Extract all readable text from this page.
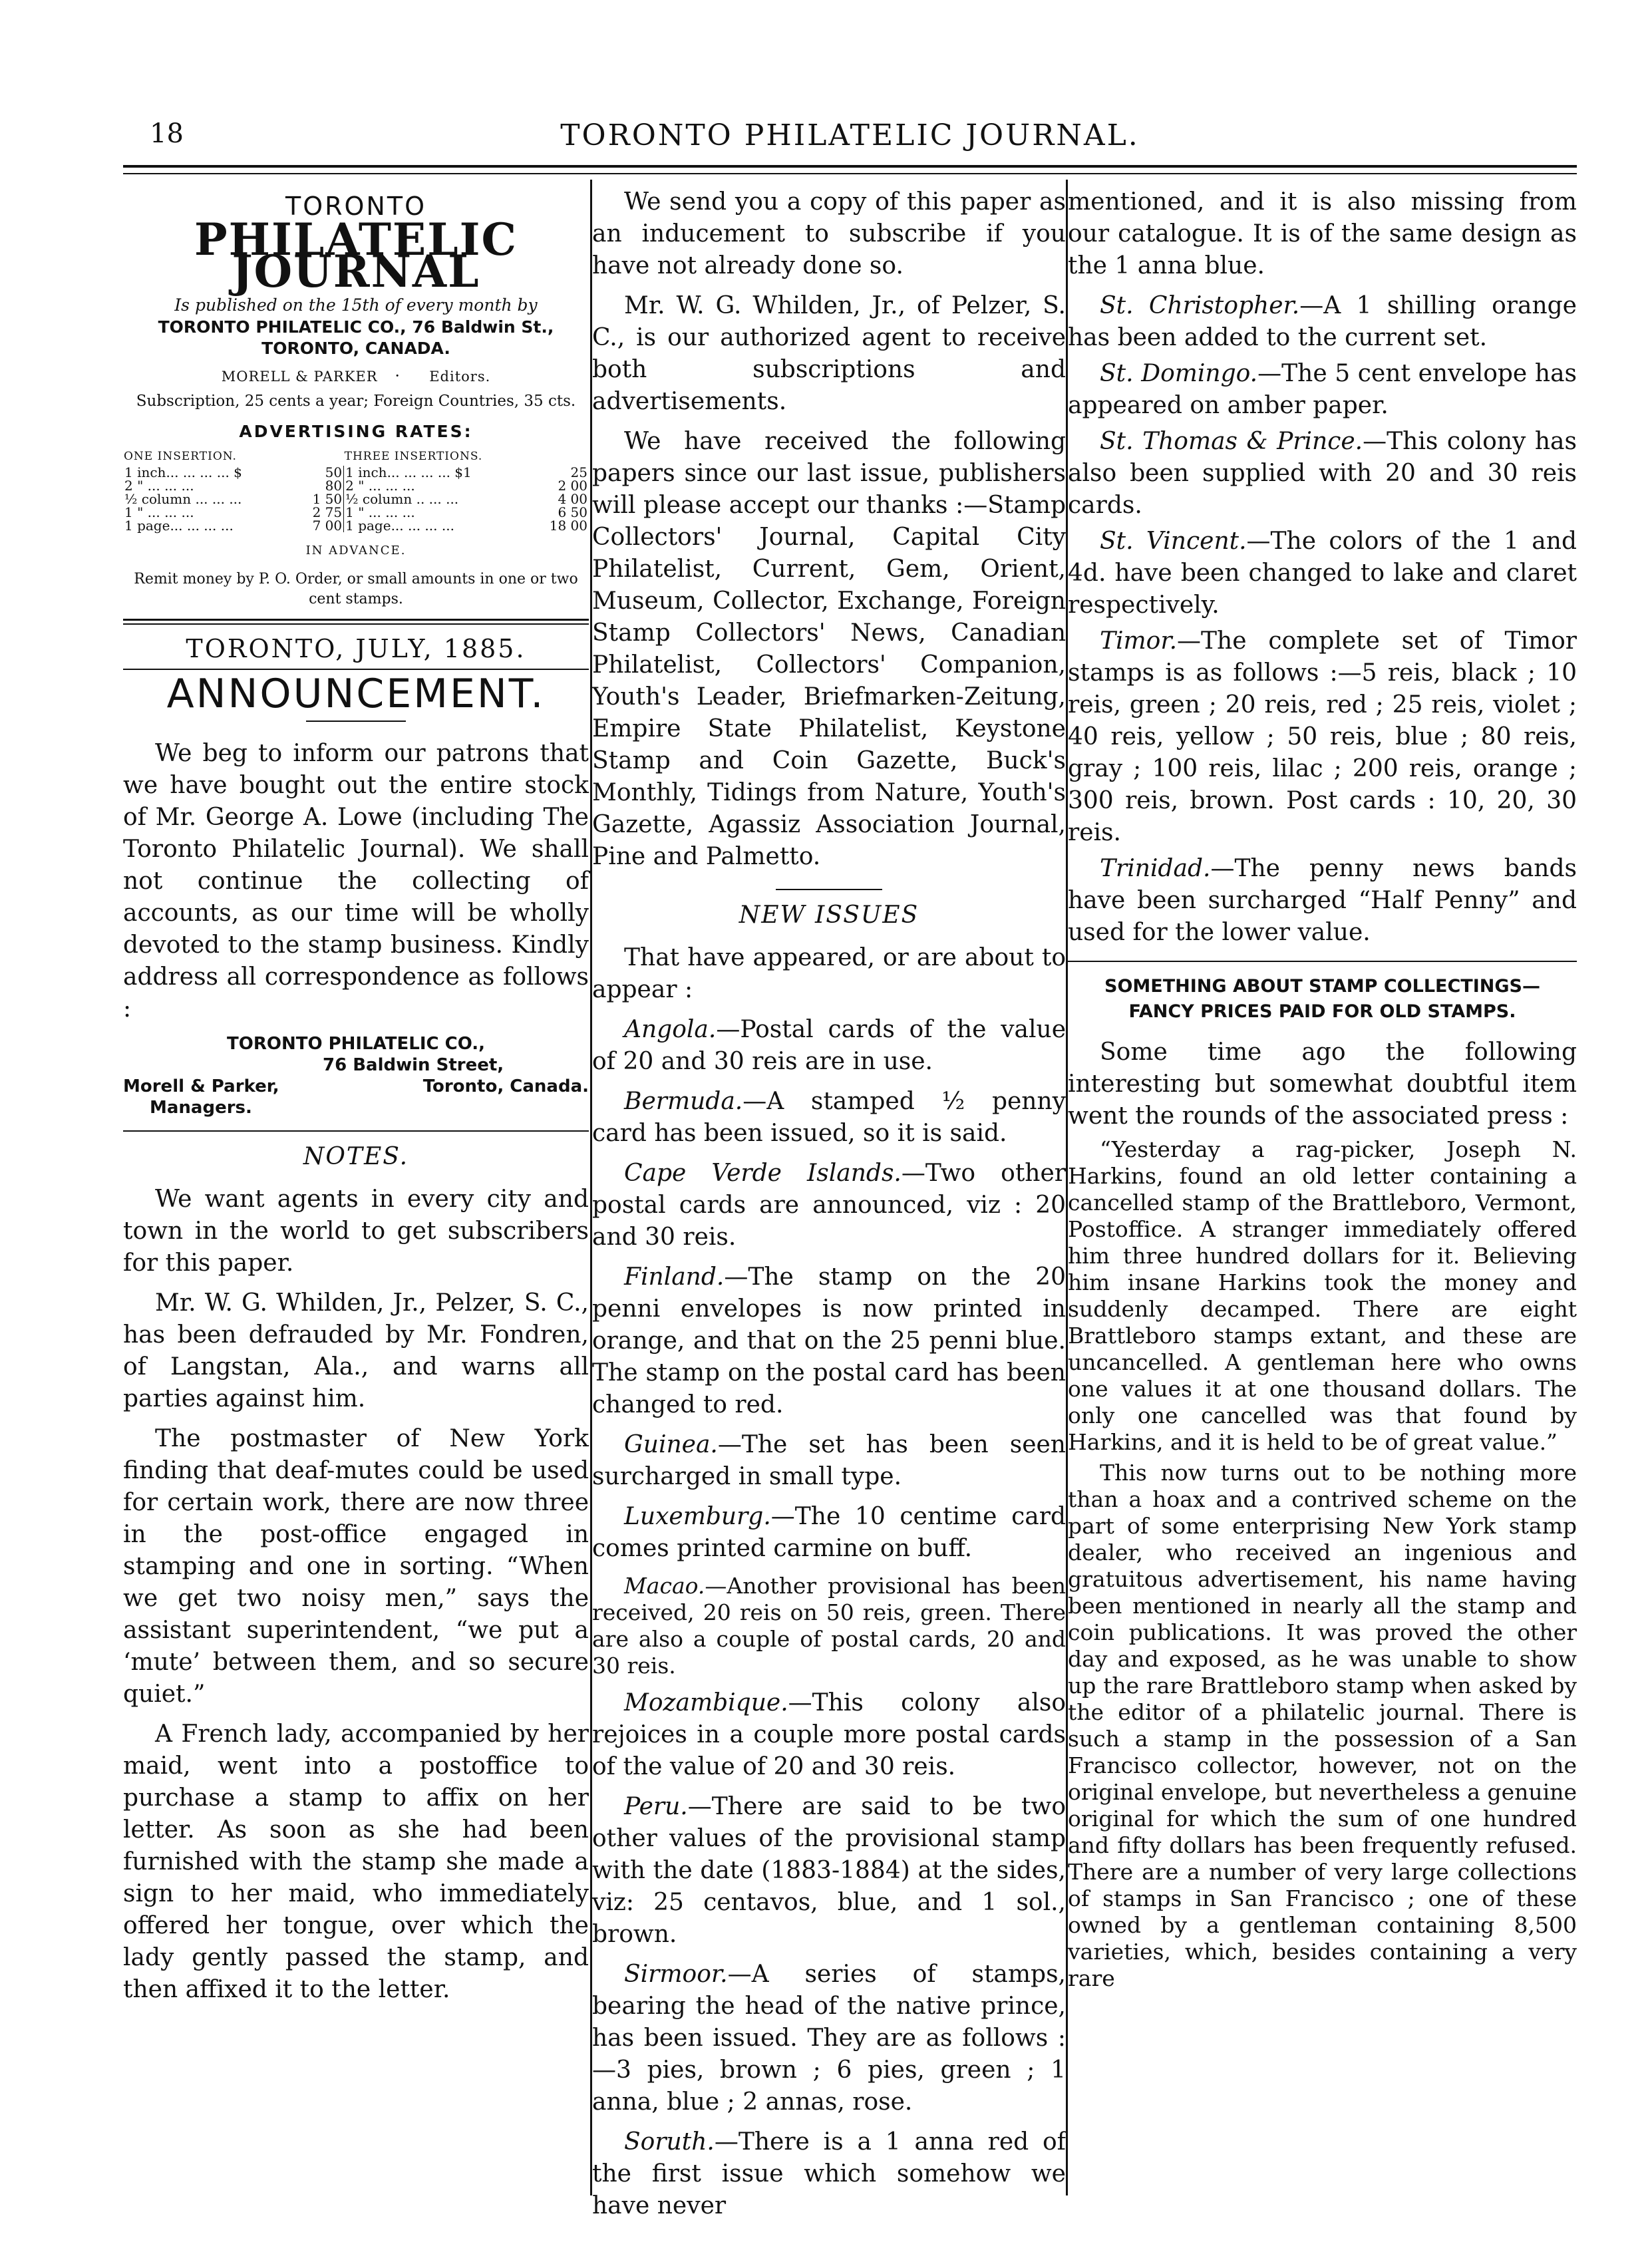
18	TORONTO PHILATELIC JOURNAL.
TORONTO
PHILATELIC JOURNAL
Is published on the 15th of every month by
TORONTO PHILATELIC CO., 76 Baldwin St.,
TORONTO, CANADA.
MORELL & PARKER   ·     Editors.
Subscription, 25 cents a year; Foreign Countries, 35 cts.
ADVERTISING RATES:
ONE INSERTION.		THREE INSERTIONS.	
1 inch... ... ... ... $	50	1 inch... ... ... ... $1	25
2 " ... ... ...	80	2 " ... ... ...	2 00
½ column ... ... ...	1 50	½ column .. ... ...	4 00
1 " ... ... ...	2 75	1 " ... ... ...	6 50
1 page... ... ... ...	7 00	1 page... ... ... ...	18 00
IN ADVANCE.
Remit money by P. O. Order, or small amounts in one or two cent stamps.
TORONTO, JULY, 1885.
ANNOUNCEMENT.

We beg to inform our patrons that we have bought out the entire stock of Mr. George A. Lowe (including The Toronto Philatelic Journal). We shall not continue the collecting of accounts, as our time will be wholly devoted to the stamp business. Kindly address all correspondence as follows :

TORONTO PHILATELIC CO.,
76 Baldwin Street,
Morell & Parker,	Toronto, Canada.
Managers.
NOTES.

We want agents in every city and town in the world to get subscribers for this paper.

Mr. W. G. Whilden, Jr., Pelzer, S. C., has been defrauded by Mr. Fondren, of Langstan, Ala., and warns all parties against him.

The postmaster of New York finding that deaf-mutes could be used for certain work, there are now three in the post-office engaged in stamping and one in sorting. “When we get two noisy men,” says the assistant superintendent, “we put a ‘mute’ between them, and so secure quiet.”

A French lady, accompanied by her maid, went into a postoffice to purchase a stamp to affix on her letter. As soon as she had been furnished with the stamp she made a sign to her maid, who immediately offered her tongue, over which the lady gently passed the stamp, and then affixed it to the letter.

We send you a copy of this paper as an inducement to subscribe if you have not already done so.

Mr. W. G. Whilden, Jr., of Pelzer, S. C., is our authorized agent to receive both subscriptions and advertisements.

We have received the following papers since our last issue, publishers will please accept our thanks :—Stamp Collectors' Journal, Capital City Philatelist, Current, Gem, Orient, Museum, Collector, Exchange, Foreign Stamp Collectors' News, Canadian Philatelist, Collectors' Companion, Youth's Leader, Briefmarken-Zeitung, Empire State Philatelist, Keystone Stamp and Coin Gazette, Buck's Monthly, Tidings from Nature, Youth's Gazette, Agassiz Association Journal, Pine and Palmetto.

NEW ISSUES

That have appeared, or are about to appear :

Angola.—Postal cards of the value of 20 and 30 reis are in use.

Bermuda.—A stamped ½ penny card has been issued, so it is said.

Cape Verde Islands.—Two other postal cards are announced, viz : 20 and 30 reis.

Finland.—The stamp on the 20 penni envelopes is now printed in orange, and that on the 25 penni blue. The stamp on the postal card has been changed to red.

Guinea.—The set has been seen surcharged in small type.

Luxemburg.—The 10 centime card comes printed carmine on buff.

Macao.—Another provisional has been received, 20 reis on 50 reis, green. There are also a couple of postal cards, 20 and 30 reis.

Mozambique.—This colony also rejoices in a couple more postal cards of the value of 20 and 30 reis.

Peru.—There are said to be two other values of the provisional stamp with the date (1883-1884) at the sides, viz: 25 centavos, blue, and 1 sol., brown.

Sirmoor.—A series of stamps, bearing the head of the native prince, has been issued. They are as follows :—3 pies, brown ; 6 pies, green ; 1 anna, blue ; 2 annas, rose.

Soruth.—There is a 1 anna red of the first issue which somehow we have never

mentioned, and it is also missing from our catalogue. It is of the same design as the 1 anna blue.

St. Christopher.—A 1 shilling orange has been added to the current set.

St. Domingo.—The 5 cent envelope has appeared on amber paper.

St. Thomas & Prince.—This colony has also been supplied with 20 and 30 reis cards.

St. Vincent.—The colors of the 1 and 4d. have been changed to lake and claret respectively.

Timor.—The complete set of Timor stamps is as follows :—5 reis, black ; 10 reis, green ; 20 reis, red ; 25 reis, violet ; 40 reis, yellow ; 50 reis, blue ; 80 reis, gray ; 100 reis, lilac ; 200 reis, orange ; 300 reis, brown. Post cards : 10, 20, 30 reis.

Trinidad.—The penny news bands have been surcharged “Half Penny” and used for the lower value.

SOMETHING ABOUT STAMP COLLECTINGS—
FANCY PRICES PAID FOR OLD STAMPS.

Some time ago the following interesting but somewhat doubtful item went the rounds of the associated press :

“Yesterday a rag-picker, Joseph N. Harkins, found an old letter containing a cancelled stamp of the Brattleboro, Vermont, Postoffice. A stranger immediately offered him three hundred dollars for it. Believing him insane Harkins took the money and suddenly decamped. There are eight Brattleboro stamps extant, and these are uncancelled. A gentleman here who owns one values it at one thousand dollars. The only one cancelled was that found by Harkins, and it is held to be of great value.”

This now turns out to be nothing more than a hoax and a contrived scheme on the part of some enterprising New York stamp dealer, who received an ingenious and gratuitous advertisement, his name having been mentioned in nearly all the stamp and coin publications. It was proved the other day and exposed, as he was unable to show up the rare Brattleboro stamp when asked by the editor of a philatelic journal. There is such a stamp in the possession of a San Francisco collector, however, not on the original envelope, but nevertheless a genuine original for which the sum of one hundred and fifty dollars has been frequently refused. There are a number of very large collections of stamps in San Francisco ; one of these owned by a gentleman containing 8,500 varieties, which, besides containing a very rare
